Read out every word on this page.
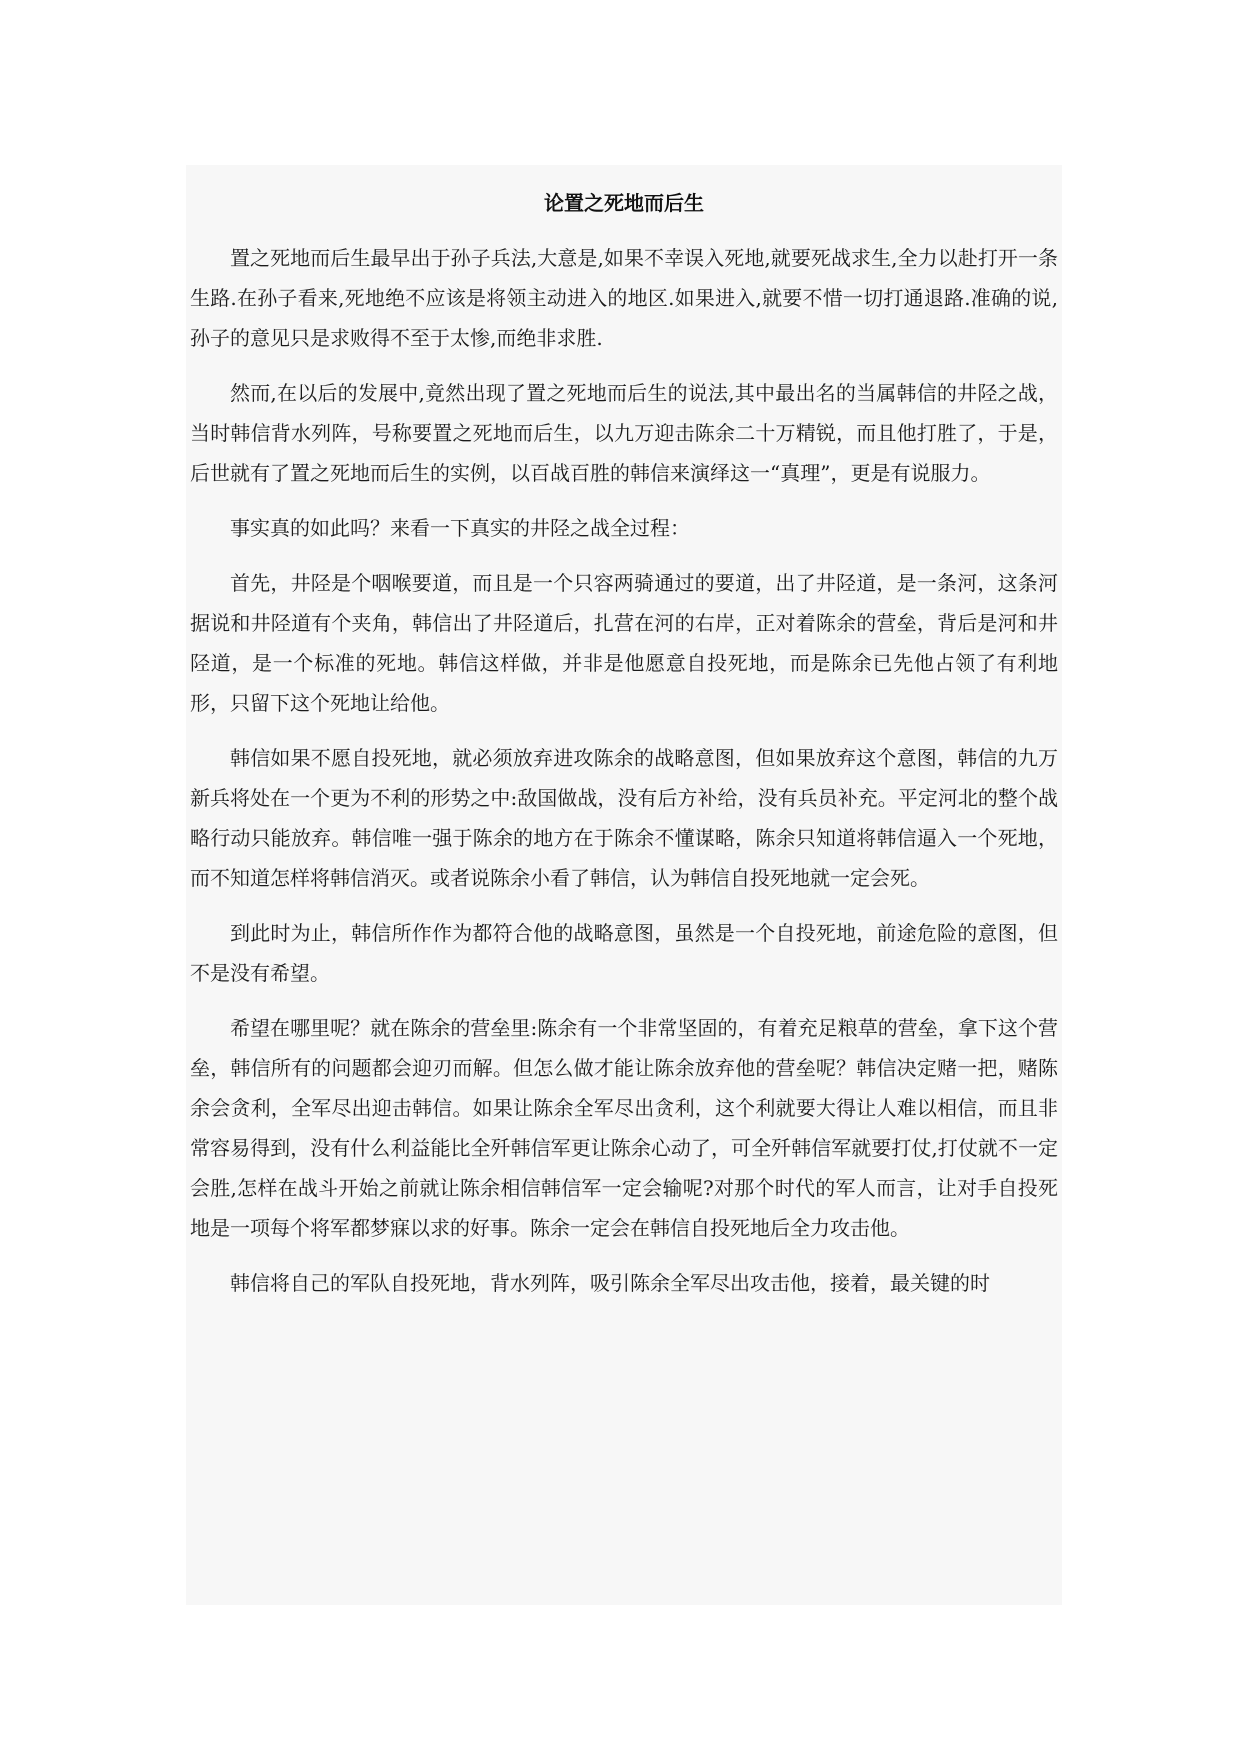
论置之死地而后生

置之死地而后生最早出于孙子兵法,大意是,如果不幸误入死地,就要死战求生,全力以赴打开一条生路.在孙子看来,死地绝不应该是将领主动进入的地区.如果进入,就要不惜一切打通退路.准确的说,孙子的意见只是求败得不至于太惨,而绝非求胜.

然而,在以后的发展中,竟然出现了置之死地而后生的说法,其中最出名的当属韩信的井陉之战，当时韩信背水列阵，号称要置之死地而后生，以九万迎击陈余二十万精锐，而且他打胜了，于是，后世就有了置之死地而后生的实例，以百战百胜的韩信来演绎这一“真理”，更是有说服力。

事实真的如此吗？来看一下真实的井陉之战全过程：

首先，井陉是个咽喉要道，而且是一个只容两骑通过的要道，出了井陉道，是一条河，这条河据说和井陉道有个夹角，韩信出了井陉道后，扎营在河的右岸，正对着陈余的营垒，背后是河和井陉道，是一个标准的死地。韩信这样做，并非是他愿意自投死地，而是陈余已先他占领了有利地形，只留下这个死地让给他。

韩信如果不愿自投死地，就必须放弃进攻陈余的战略意图，但如果放弃这个意图，韩信的九万新兵将处在一个更为不利的形势之中:敌国做战，没有后方补给，没有兵员补充。平定河北的整个战略行动只能放弃。韩信唯一强于陈余的地方在于陈余不懂谋略，陈余只知道将韩信逼入一个死地，而不知道怎样将韩信消灭。或者说陈余小看了韩信，认为韩信自投死地就一定会死。

到此时为止，韩信所作作为都符合他的战略意图，虽然是一个自投死地，前途危险的意图，但不是没有希望。

希望在哪里呢？就在陈余的营垒里:陈余有一个非常坚固的，有着充足粮草的营垒，拿下这个营垒，韩信所有的问题都会迎刃而解。但怎么做才能让陈余放弃他的营垒呢？韩信决定赌一把，赌陈余会贪利，全军尽出迎击韩信。如果让陈余全军尽出贪利，这个利就要大得让人难以相信，而且非常容易得到，没有什么利益能比全歼韩信军更让陈余心动了，可全歼韩信军就要打仗,打仗就不一定会胜,怎样在战斗开始之前就让陈余相信韩信军一定会输呢?对那个时代的军人而言，让对手自投死地是一项每个将军都梦寐以求的好事。陈余一定会在韩信自投死地后全力攻击他。

韩信将自己的军队自投死地，背水列阵，吸引陈余全军尽出攻击他，接着，最关键的时
